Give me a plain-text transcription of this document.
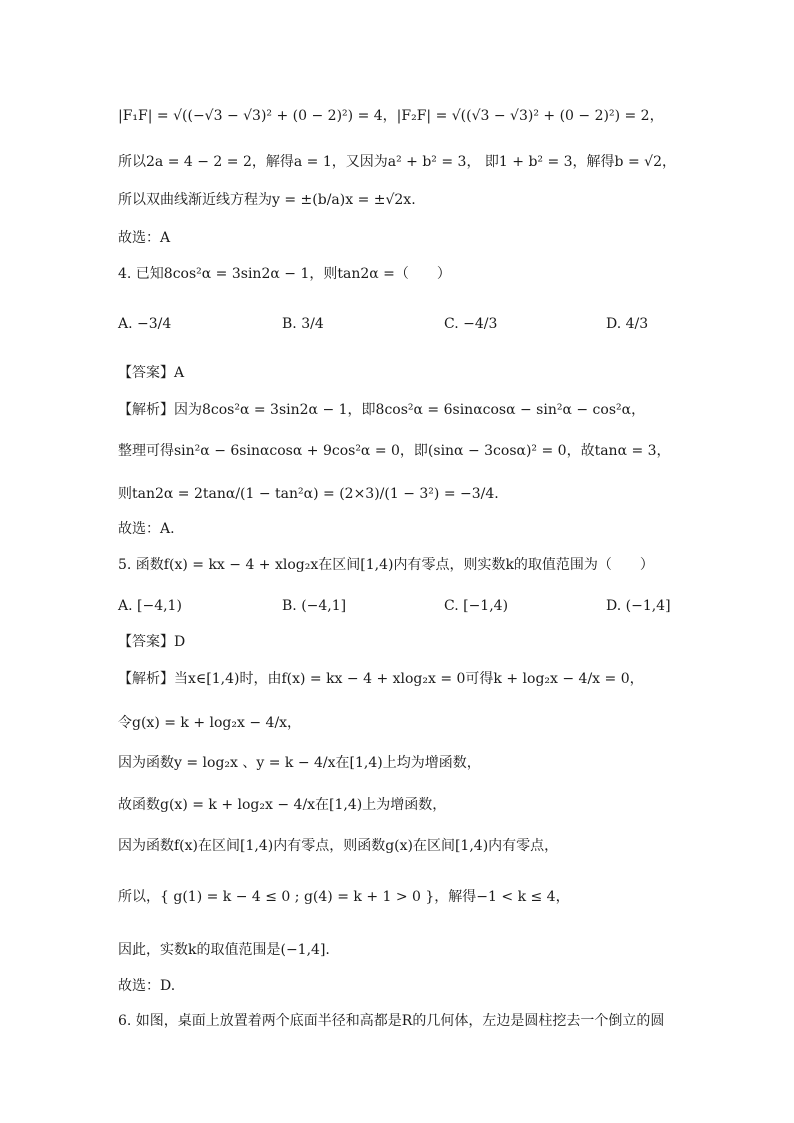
|F₁F| = √((−√3 − √3)² + (0 − 2)²) = 4，|F₂F| = √((√3 − √3)² + (0 − 2)²) = 2，
所以2a = 4 − 2 = 2，解得a = 1，又因为a² + b² = 3， 即1 + b² = 3，解得b = √2，
所以双曲线渐近线方程为y = ±(b/a)x = ±√2x.
故选：A
4. 已知8cos²α = 3sin2α − 1，则tan2α =（　　）
A. −3/4	B. 3/4	C. −4/3	D. 4/3
【答案】A
【解析】因为8cos²α = 3sin2α − 1，即8cos²α = 6sinαcosα − sin²α − cos²α，
整理可得sin²α − 6sinαcosα + 9cos²α = 0，即(sinα − 3cosα)² = 0，故tanα = 3，
则tan2α = 2tanα/(1 − tan²α) = (2×3)/(1 − 3²) = −3/4.
故选：A.
5. 函数f(x) = kx − 4 + xlog₂x在区间[1,4)内有零点，则实数k的取值范围为（　　）
A. [−4,1)	B. (−4,1]	C. [−1,4)	D. (−1,4]
【答案】D
【解析】当x∈[1,4)时，由f(x) = kx − 4 + xlog₂x = 0可得k + log₂x − 4/x = 0，
令g(x) = k + log₂x − 4/x，
因为函数y = log₂x 、y = k − 4/x在[1,4)上均为增函数，
故函数g(x) = k + log₂x − 4/x在[1,4)上为增函数，
因为函数f(x)在区间[1,4)内有零点，则函数g(x)在区间[1,4)内有零点，
所以，{ g(1) = k − 4 ≤ 0 ; g(4) = k + 1 > 0 }，解得−1 < k ≤ 4，
因此，实数k的取值范围是(−1,4].
故选：D.
6. 如图，桌面上放置着两个底面半径和高都是R的几何体，左边是圆柱挖去一个倒立的圆
